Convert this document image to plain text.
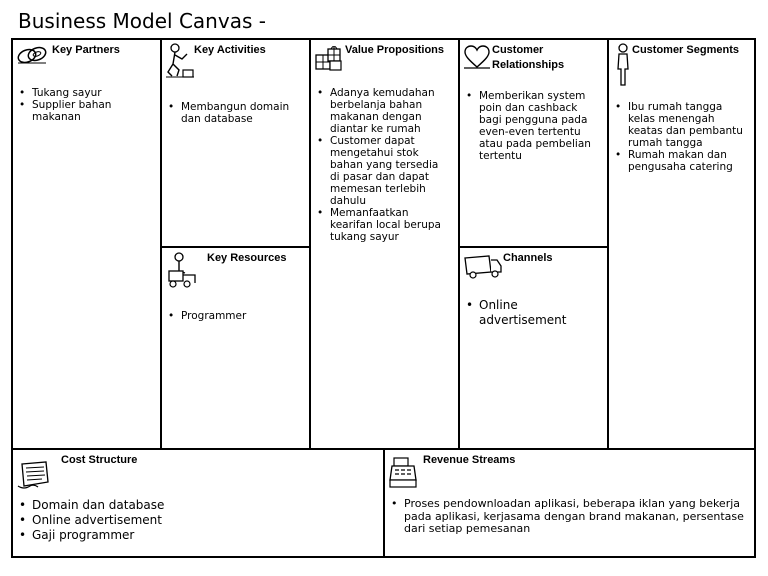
Business Model Canvas -
Key Partners
• Tukang sayur
• Supplier bahan makanan
Key Activities
• Membangun domain dan database
Key Resources
• Programmer
Value Propositions
• Adanya kemudahan berbelanja bahan makanan dengan diantar ke rumah
• Customer dapat mengetahui stok bahan yang tersedia di pasar dan dapat memesan terlebih dahulu
• Memanfaatkan kearifan local berupa tukang sayur
Customer Relationships
• Memberikan system poin dan cashback bagi pengguna pada even-even tertentu atau pada pembelian tertentu
Channels
• Online advertisement
Customer Segments
• Ibu rumah tangga kelas menengah keatas dan pembantu rumah tangga
• Rumah makan dan pengusaha catering
Cost Structure
• Domain dan database
• Online advertisement
• Gaji programmer
Revenue Streams
• Proses pendownloadan aplikasi, beberapa iklan yang bekerja pada aplikasi, kerjasama dengan brand makanan, persentase dari setiap pemesanan
